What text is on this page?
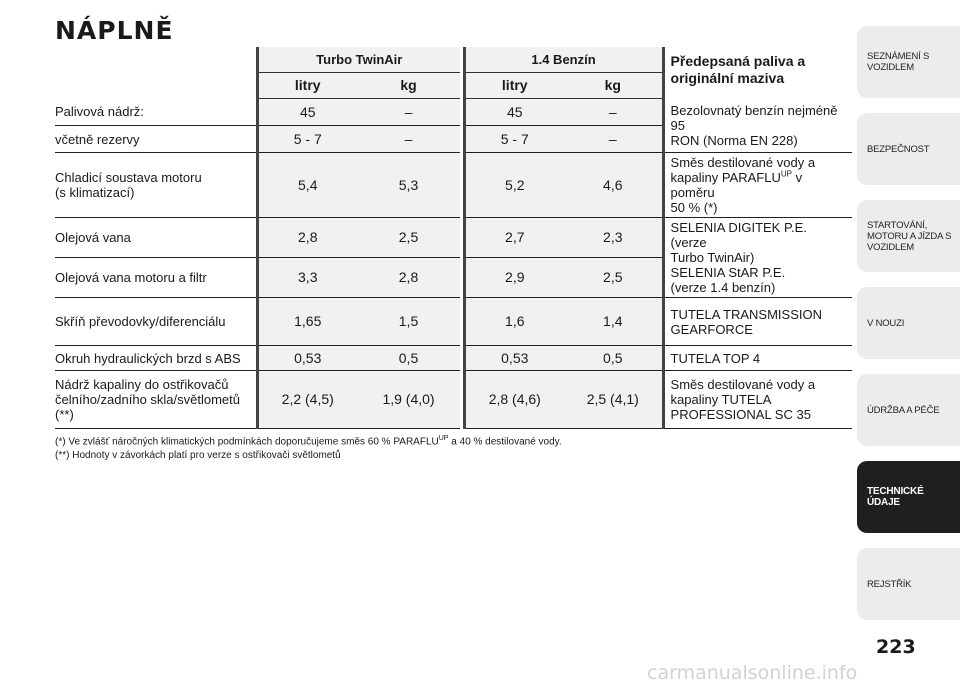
NÁPLNĚ
	Turbo TwinAir			1.4 Benzín		Předepsaná paliva a
originální maziva
	litry	kg		litry	kg	
Palivová nádrž:	45	–		45	–	Bezolovnatý benzín nejméně 95
RON (Norma EN 228)
včetně rezervy	5 - 7	–		5 - 7	–	
Chladicí soustava motoru
(s klimatizací)	5,4	5,3		5,2	4,6	Směs destilované vody a
kapaliny $PARAFLU^{UP}$ v poměru
50 % (*)
Olejová vana	2,8	2,5		2,7	2,3	SELENIA DIGITEK P.E. (verze
Turbo TwinAir)
SELENIA StAR P.E.
(verze 1.4 benzín)
Olejová vana motoru a filtr	3,3	2,8		2,9	2,5	
Skříň převodovky/diferenciálu	1,65	1,5		1,6	1,4	TUTELA TRANSMISSION
GEARFORCE
Okruh hydraulických brzd s ABS	0,53	0,5		0,53	0,5	TUTELA TOP 4
Nádrž kapaliny do ostřikovačů
čelního/zadního skla/světlometů
(**)	2,2 (4,5)	1,9 (4,0)		2,8 (4,6)	2,5 (4,1)	Směs destilované vody a
kapaliny TUTELA
PROFESSIONAL SC 35
(*) Ve zvlášť náročných klimatických podmínkách doporučujeme směs 60 % $PARAFLU^{UP}$ a 40 % destilované vody.
(**) Hodnoty v závorkách platí pro verze s ostřikovači světlometů
SEZNÁMENÍ S
VOZIDLEM
BEZPEČNOST
STARTOVÁNÍ,
MOTORU A JÍZDA S
VOZIDLEM
V NOUZI
ÚDRŽBA A PÉČE
TECHNICKÉ ÚDAJE
REJSTŘÍK
223
carmanualsonline.info
